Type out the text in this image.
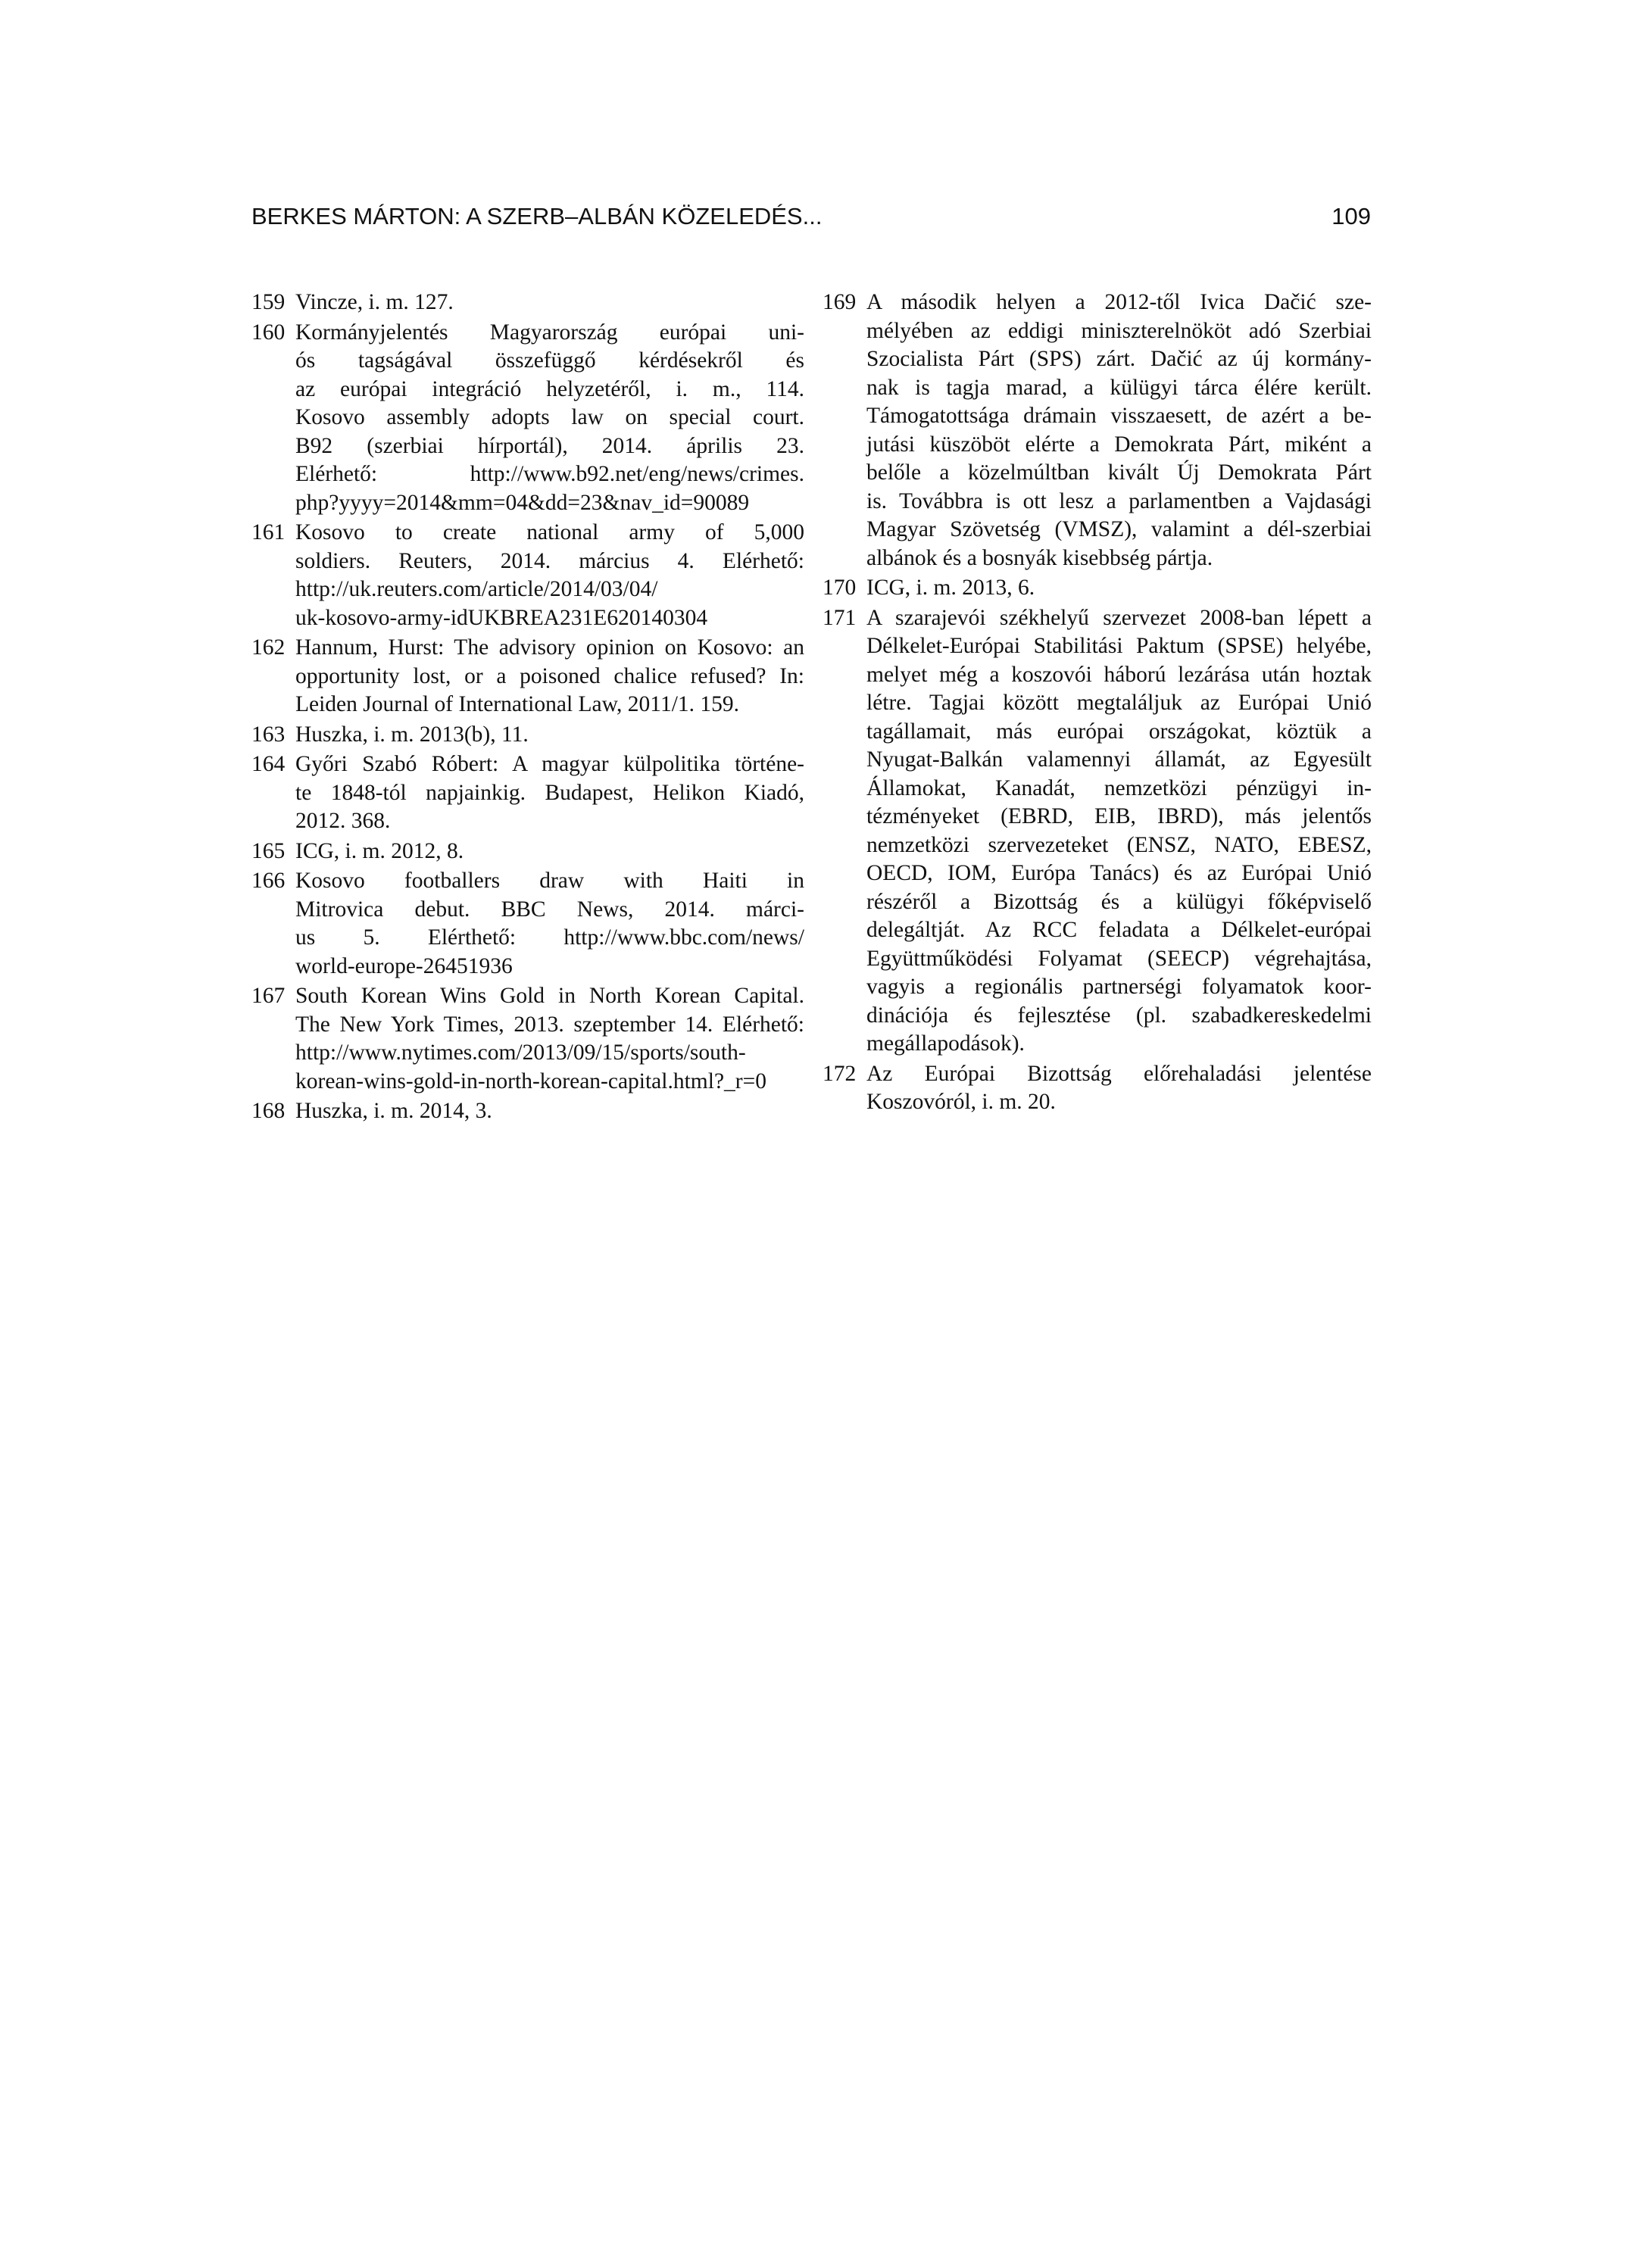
BERKES MÁRTON: A SZERB–ALBÁN KÖZELEDÉS...	109
159 Vincze, i. m. 127.
160 Kormányjelentés Magyarország európai uni-
ós tagságával összefüggő kérdésekről és
az európai integráció helyzetéről, i. m., 114.
Kosovo assembly adopts law on special court.
B92 (szerbiai hírportál), 2014. április 23.
Elérhető: http://www.b92.net/eng/news/crimes.
php?yyyy=2014&mm=04&dd=23&nav_id=90089
161 Kosovo to create national army of 5,000
soldiers. Reuters, 2014. március 4. Elérhető:
http://uk.reuters.com/article/2014/03/04/
uk-kosovo-army-idUKBREA231E620140304
162 Hannum, Hurst: The advisory opinion on Kosovo: an
opportunity lost, or a poisoned chalice refused? In:
Leiden Journal of International Law, 2011/1. 159.
163 Huszka, i. m. 2013(b), 11.
164 Győri Szabó Róbert: A magyar külpolitika történe-
te 1848-tól napjainkig. Budapest, Helikon Kiadó,
2012. 368.
165 ICG, i. m. 2012, 8.
166 Kosovo footballers draw with Haiti in
Mitrovica debut. BBC News, 2014. márci-
us 5. Elérthető: http://www.bbc.com/news/
world-europe-26451936
167 South Korean Wins Gold in North Korean Capital.
The New York Times, 2013. szeptember 14. Elérhető:
http://www.nytimes.com/2013/09/15/sports/south-
korean-wins-gold-in-north-korean-capital.html?_r=0
168 Huszka, i. m. 2014, 3.
169 A második helyen a 2012-től Ivica Dačić sze-
mélyében az eddigi miniszterelnököt adó Szerbiai
Szocialista Párt (SPS) zárt. Dačić az új kormány-
nak is tagja marad, a külügyi tárca élére került.
Támogatottsága drámain visszaesett, de azért a be-
jutási küszöböt elérte a Demokrata Párt, miként a
belőle a közelmúltban kivált Új Demokrata Párt
is. Továbbra is ott lesz a parlamentben a Vajdasági
Magyar Szövetség (VMSZ), valamint a dél-szerbiai
albánok és a bosnyák kisebbség pártja.
170 ICG, i. m. 2013, 6.
171 A szarajevói székhelyű szervezet 2008-ban lépett a
Délkelet-Európai Stabilitási Paktum (SPSE) helyébe,
melyet még a koszovói háború lezárása után hoztak
létre. Tagjai között megtaláljuk az Európai Unió
tagállamait, más európai országokat, köztük a
Nyugat-Balkán valamennyi államát, az Egyesült
Államokat, Kanadát, nemzetközi pénzügyi in-
tézményeket (EBRD, EIB, IBRD), más jelentős
nemzetközi szervezeteket (ENSZ, NATO, EBESZ,
OECD, IOM, Európa Tanács) és az Európai Unió
részéről a Bizottság és a külügyi főképviselő
delegáltját. Az RCC feladata a Délkelet-európai
Együttműködési Folyamat (SEECP) végrehajtása,
vagyis a regionális partnerségi folyamatok koor-
dinációja és fejlesztése (pl. szabadkereskedelmi
megállapodások).
172 Az Európai Bizottság előrehaladási jelentése
Koszovóról, i. m. 20.
